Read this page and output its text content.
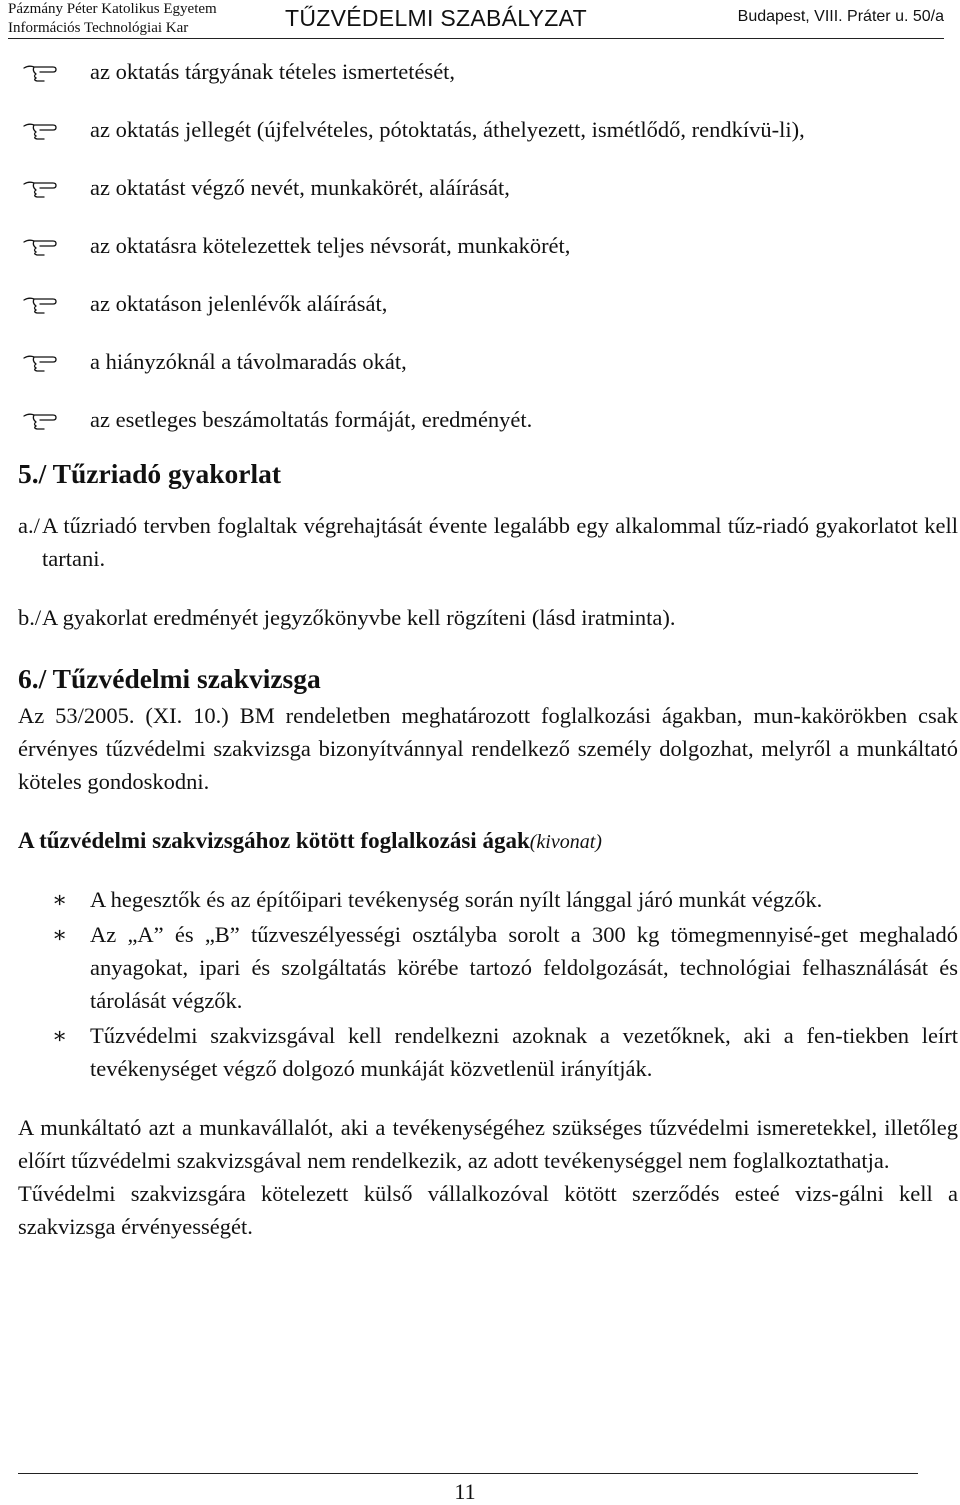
Pázmány Péter Katolikus Egyetem
Információs Technológiai Kar	TŰZVÉDELMI SZABÁLYZAT	Budapest, VIII. Práter u. 50/a
az oktatás tárgyának tételes ismertetését,
az oktatás jellegét (újfelvételes, pótoktatás, áthelyezett, ismétlődő, rendkívü-li),
az oktatást végző nevét, munkakörét, aláírását,
az oktatásra kötelezettek teljes névsorát, munkakörét,
az oktatáson jelenlévők aláírását,
a hiányzóknál a távolmaradás okát,
az esetleges beszámoltatás formáját, eredményét.
5./ Tűzriadó gyakorlat

a./ A tűzriadó tervben foglaltak végrehajtását évente legalább egy alkalommal tűz-riadó gyakorlatot kell tartani.

b./ A gyakorlat eredményét jegyzőkönyvbe kell rögzíteni (lásd iratminta).

6./ Tűzvédelmi szakvizsga

Az 53/2005. (XI. 10.) BM rendeletben meghatározott foglalkozási ágakban, mun-kakörökben csak érvényes tűzvédelmi szakvizsga bizonyítvánnyal rendelkező személy dolgozhat, melyről a munkáltató köteles gondoskodni.

A tűzvédelmi szakvizsgához kötött foglalkozási ágak(kivonat)

∗ A hegesztők és az építőipari tevékenység során nyílt lánggal járó munkát végzők.
∗ Az „A” és „B” tűzveszélyességi osztályba sorolt a 300 kg tömegmennyisé-get meghaladó anyagokat, ipari és szolgáltatás körébe tartozó feldolgozását, technológiai felhasználását és tárolását végzők.
∗ Tűzvédelmi szakvizsgával kell rendelkezni azoknak a vezetőknek, aki a fen-tiekben leírt tevékenységet végző dolgozó munkáját közvetlenül irányítják.

A munkáltató azt a munkavállalót, aki a tevékenységéhez szükséges tűzvédelmi ismeretekkel, illetőleg előírt tűzvédelmi szakvizsgával nem rendelkezik, az adott tevékenységgel nem foglalkoztathatja.

Tűvédelmi szakvizsgára kötelezett külső vállalkozóval kötött szerződés esteé vizs-gálni kell a szakvizsga érvényességét.

11
